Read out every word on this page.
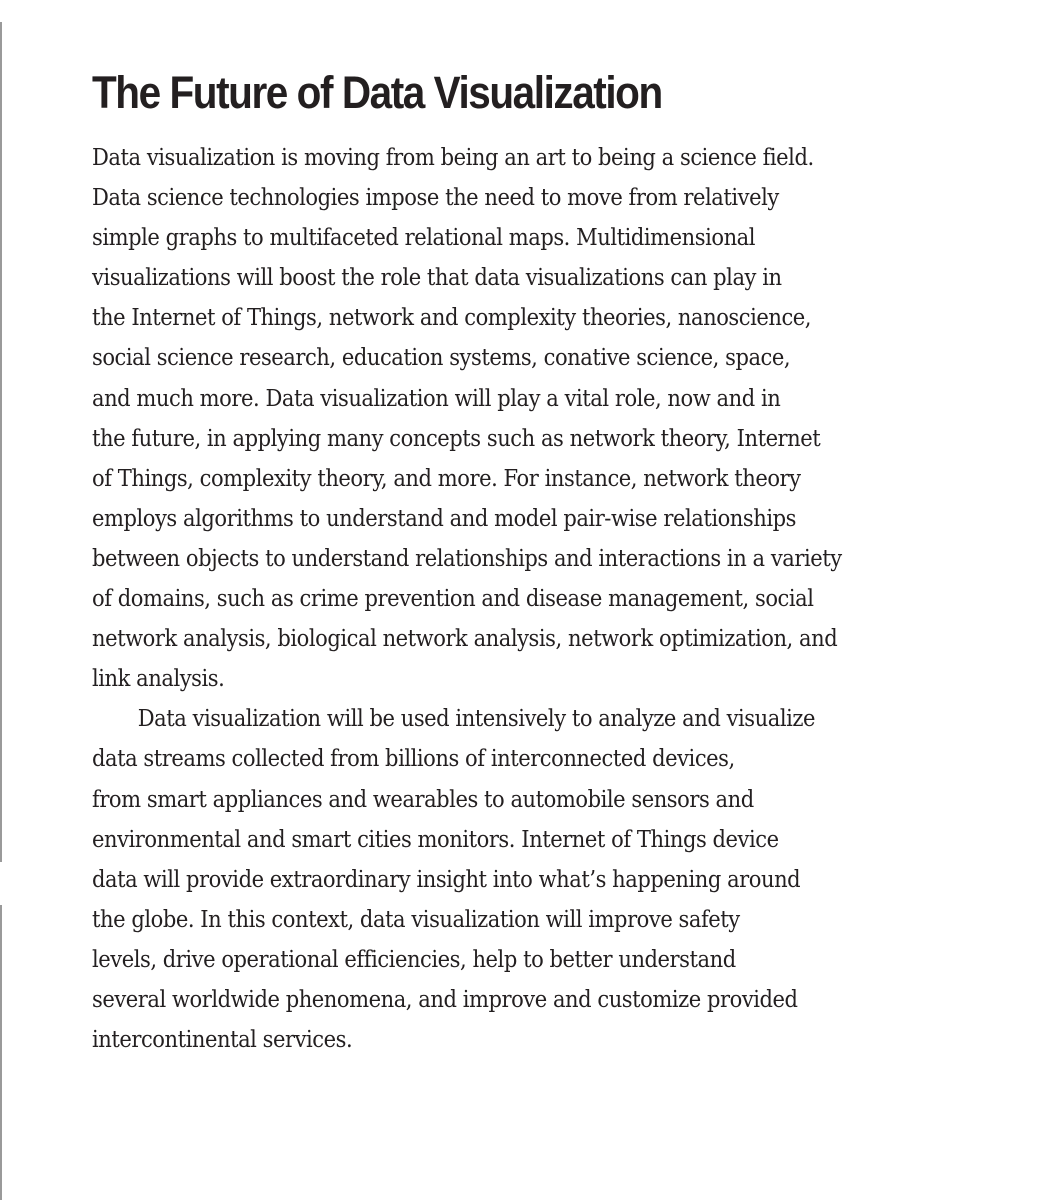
The Future of Data Visualization

Data visualization is moving from being an art to being a science field.
Data science technologies impose the need to move from relatively
simple graphs to multifaceted relational maps. Multidimensional
visualizations will boost the role that data visualizations can play in
the Internet of Things, network and complexity theories, nanoscience,
social science research, education systems, conative science, space,
and much more. Data visualization will play a vital role, now and in
the future, in applying many concepts such as network theory, Internet
of Things, complexity theory, and more. For instance, network theory
employs algorithms to understand and model pair-wise relationships
between objects to understand relationships and interactions in a variety
of domains, such as crime prevention and disease management, social
network analysis, biological network analysis, network optimization, and
link analysis.

Data visualization will be used intensively to analyze and visualize
data streams collected from billions of interconnected devices,
from smart appliances and wearables to automobile sensors and
environmental and smart cities monitors. Internet of Things device
data will provide extraordinary insight into what’s happening around
the globe. In this context, data visualization will improve safety
levels, drive operational efficiencies, help to better understand
several worldwide phenomena, and improve and customize provided
intercontinental services.
